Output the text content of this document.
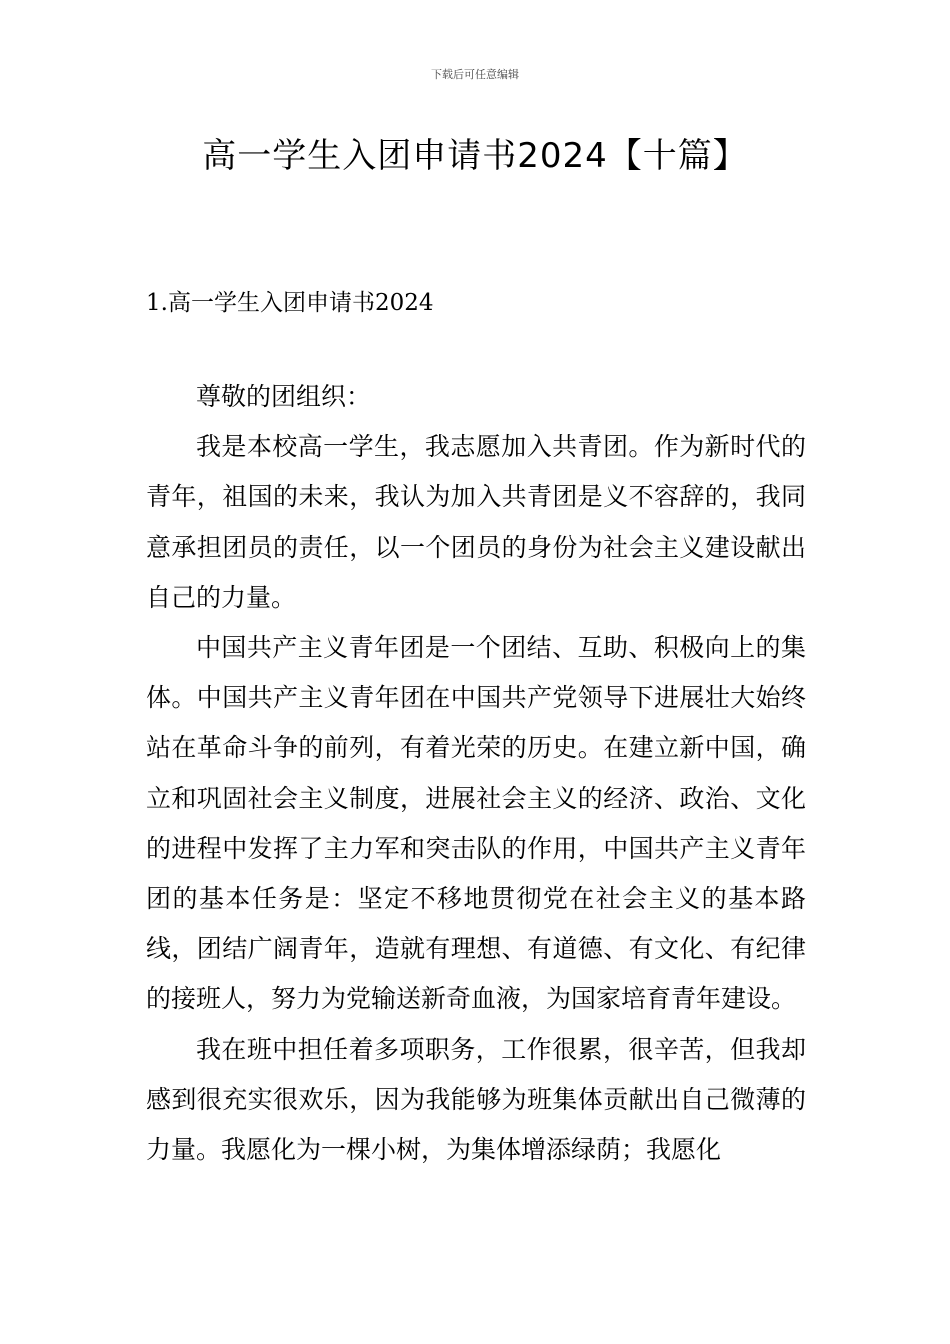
下载后可任意编辑
高一学生入团申请书2024【十篇】
1.高一学生入团申请书2024

尊敬的团组织：

我是本校高一学生，我志愿加入共青团。作为新时代的青年，祖国的未来，我认为加入共青团是义不容辞的，我同意承担团员的责任，以一个团员的身份为社会主义建设献出自己的力量。

中国共产主义青年团是一个团结、互助、积极向上的集体。中国共产主义青年团在中国共产党领导下进展壮大始终站在革命斗争的前列，有着光荣的历史。在建立新中国，确立和巩固社会主义制度，进展社会主义的经济、政治、文化的进程中发挥了主力军和突击队的作用，中国共产主义青年团的基本任务是：坚定不移地贯彻党在社会主义的基本路线，团结广阔青年，造就有理想、有道德、有文化、有纪律的接班人，努力为党输送新奇血液，为国家培育青年建设。

我在班中担任着多项职务，工作很累，很辛苦，但我却感到很充实很欢乐，因为我能够为班集体贡献出自己微薄的力量。我愿化为一棵小树，为集体增添绿荫；我愿化
